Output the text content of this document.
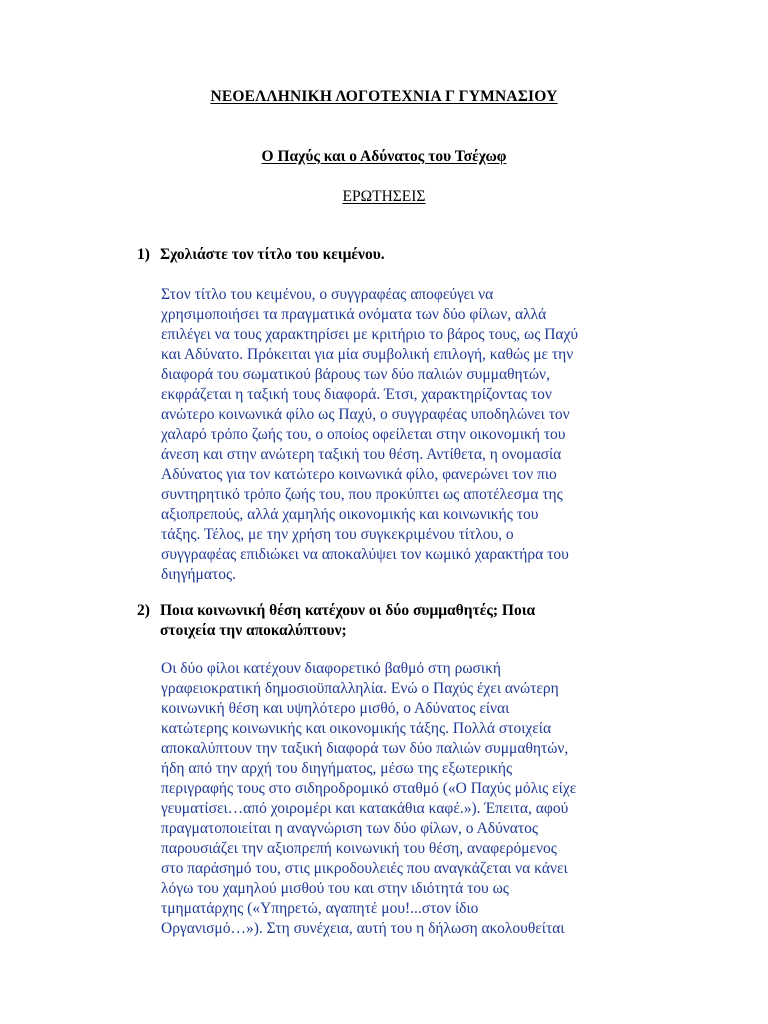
ΝΕΟΕΛΛΗΝΙΚΗ ΛΟΓΟΤΕΧΝΙΑ Γ ΓΥΜΝΑΣΙΟΥ
Ο Παχύς και ο Αδύνατος του Τσέχωφ
ΕΡΩΤΗΣΕΙΣ
1) Σχολιάστε τον τίτλο του κειμένου.
Στον τίτλο του κειμένου, ο συγγραφέας αποφεύγει να
χρησιμοποιήσει τα πραγματικά ονόματα των δύο φίλων, αλλά
επιλέγει να τους χαρακτηρίσει με κριτήριο το βάρος τους, ως Παχύ
και Αδύνατο. Πρόκειται για μία συμβολική επιλογή, καθώς με την
διαφορά του σωματικού βάρους των δύο παλιών συμμαθητών,
εκφράζεται η ταξική τους διαφορά. Έτσι, χαρακτηρίζοντας τον
ανώτερο κοινωνικά φίλο ως Παχύ, ο συγγραφέας υποδηλώνει τον
χαλαρό τρόπο ζωής του, ο οποίος οφείλεται στην οικονομική του
άνεση και στην ανώτερη ταξική του θέση. Αντίθετα, η ονομασία
Αδύνατος για τον κατώτερο κοινωνικά φίλο, φανερώνει τον πιο
συντηρητικό τρόπο ζωής του, που προκύπτει ως αποτέλεσμα της
αξιοπρεπούς, αλλά χαμηλής οικονομικής και κοινωνικής του
τάξης. Τέλος, με την χρήση του συγκεκριμένου τίτλου, ο
συγγραφέας επιδιώκει να αποκαλύψει τον κωμικό χαρακτήρα του
διηγήματος.
2) Ποια κοινωνική θέση κατέχουν οι δύο συμμαθητές; Ποια
στοιχεία την αποκαλύπτουν;
Οι δύο φίλοι κατέχουν διαφορετικό βαθμό στη ρωσική
γραφειοκρατική δημοσιοϋπαλληλία. Ενώ ο Παχύς έχει ανώτερη
κοινωνική θέση και υψηλότερο μισθό, ο Αδύνατος είναι
κατώτερης κοινωνικής και οικονομικής τάξης. Πολλά στοιχεία
αποκαλύπτουν την ταξική διαφορά των δύο παλιών συμμαθητών,
ήδη από την αρχή του διηγήματος, μέσω της εξωτερικής
περιγραφής τους στο σιδηροδρομικό σταθμό («Ο Παχύς μόλις είχε
γευματίσει…από χοιρομέρι και κατακάθια καφέ.»). Έπειτα, αφού
πραγματοποιείται η αναγνώριση των δύο φίλων, ο Αδύνατος
παρουσιάζει την αξιοπρεπή κοινωνική του θέση, αναφερόμενος
στο παράσημό του, στις μικροδουλειές που αναγκάζεται να κάνει
λόγω του χαμηλού μισθού του και στην ιδιότητά του ως
τμηματάρχης («Υπηρετώ, αγαπητέ μου!...στον ίδιο
Οργανισμό…»). Στη συνέχεια, αυτή του η δήλωση ακολουθείται
